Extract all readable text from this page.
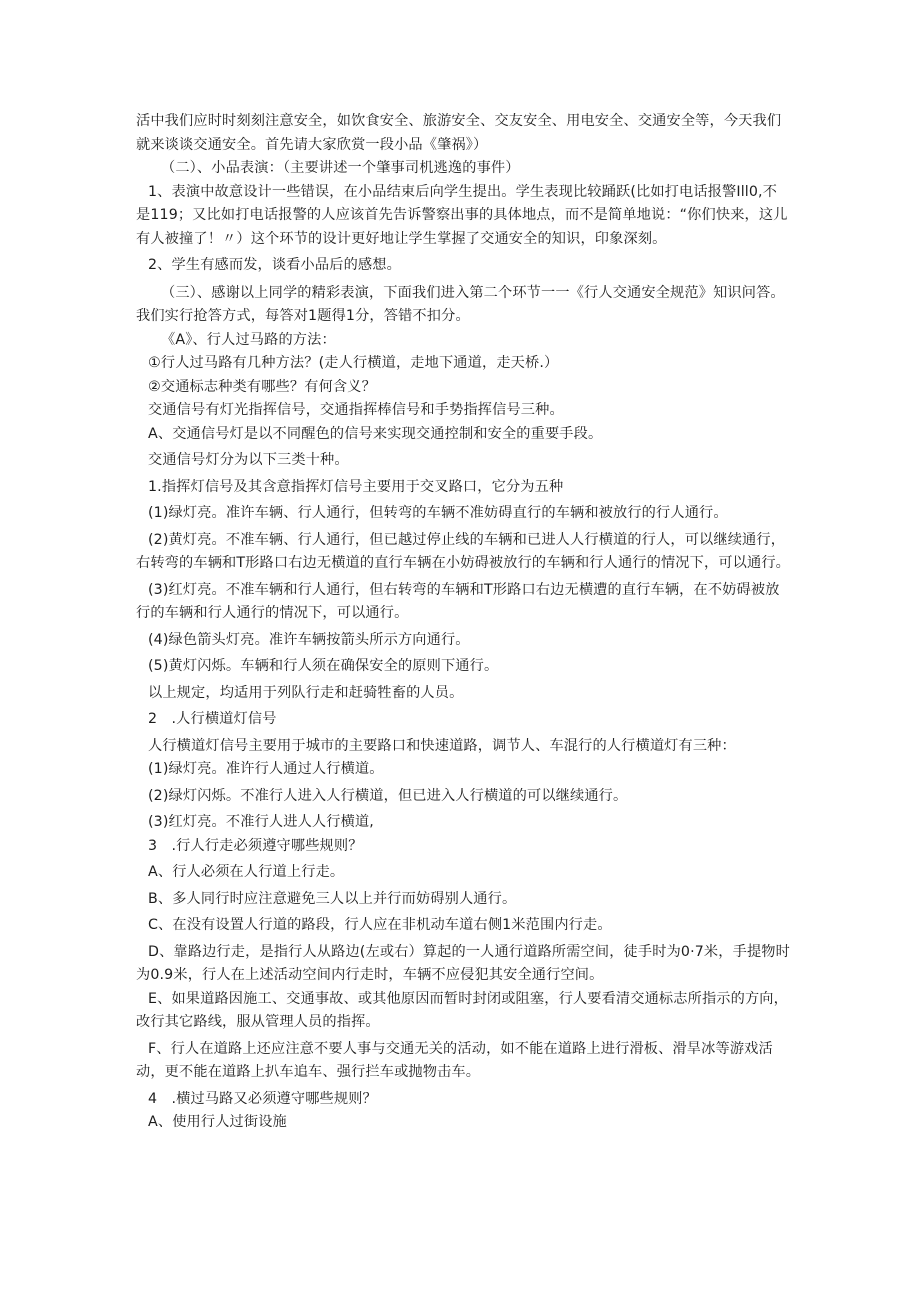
活中我们应时时刻刻注意安全，如饮食安全、旅游安全、交友安全、用电安全、交通安全等，今天我们就来谈谈交通安全。首先请大家欣赏一段小品《肇祸》）

（二）、小品表演：（主要讲述一个肇事司机逃逸的事件）

1、表演中故意设计一些错误，在小品结束后向学生提出。学生表现比较踊跃(比如打电话报警Ill0,不是119；又比如打电话报警的人应该首先告诉警察出事的具体地点，而不是简单地说：“你们快来，这儿有人被撞了！〃）这个环节的设计更好地让学生掌握了交通安全的知识，印象深刻。

2、学生有感而发，谈看小品后的感想。

（三）、感谢以上同学的精彩表演，下面我们进入第二个环节一一《行人交通安全规范》知识问答。我们实行抢答方式，每答对1题得1分，答错不扣分。

《A》、行人过马路的方法：

①行人过马路有几种方法？(走人行横道，走地下通道，走天桥.）

②交通标志种类有哪些？有何含义？

交通信号有灯光指挥信号，交通指挥棒信号和手势指挥信号三种。

A、交通信号灯是以不同醒色的信号来实现交通控制和安全的重要手段。

交通信号灯分为以下三类十种。

1.指挥灯信号及其含意指挥灯信号主要用于交叉路口，它分为五种

(1)绿灯亮。准许车辆、行人通行，但转弯的车辆不准妨碍直行的车辆和被放行的行人通行。

(2)黄灯亮。不准车辆、行人通行，但已越过停止线的车辆和已进人人行横道的行人，可以继续通行，右转弯的车辆和T形路口右边无横道的直行车辆在小妨碍被放行的车辆和行人通行的情况下，可以通行。

(3)红灯亮。不准车辆和行人通行，但右转弯的车辆和T形路口右边无横遭的直行车辆，在不妨碍被放行的车辆和行人通行的情况下，可以通行。

(4)绿色箭头灯亮。准许车辆按箭头所示方向通行。

(5)黄灯闪烁。车辆和行人须在确保安全的原则下通行。

以上规定，均适用于列队行走和赶骑牲畜的人员。

2　.人行横道灯信号

人行横道灯信号主要用于城市的主要路口和快速道路，调节人、车混行的人行横道灯有三种：

(1)绿灯亮。准许行人通过人行横道。

(2)绿灯闪烁。不准行人进入人行横道，但已进入人行横道的可以继续通行。

(3)红灯亮。不准行人进人人行横道,

3　.行人行走必须遵守哪些规则？

A、行人必须在人行道上行走。

B、多人同行时应注意避免三人以上并行而妨碍别人通行。

C、在没有设置人行道的路段，行人应在非机动车道右侧1米范围内行走。

D、靠路边行走，是指行人从路边(左或右）算起的一人通行道路所需空间，徒手时为0·7米，手提物时为0.9米，行人在上述活动空间内行走时，车辆不应侵犯其安全通行空间。

E、如果道路因施工、交通事故、或其他原因而暂时封闭或阻塞，行人要看清交通标志所指示的方向，改行其它路线，服从管理人员的指挥。

F、行人在道路上还应注意不要人事与交通无关的活动，如不能在道路上进行滑板、滑旱冰等游戏活动，更不能在道路上扒车追车、强行拦车或抛物击车。

4　.横过马路又必须遵守哪些规则？

A、使用行人过街设施
